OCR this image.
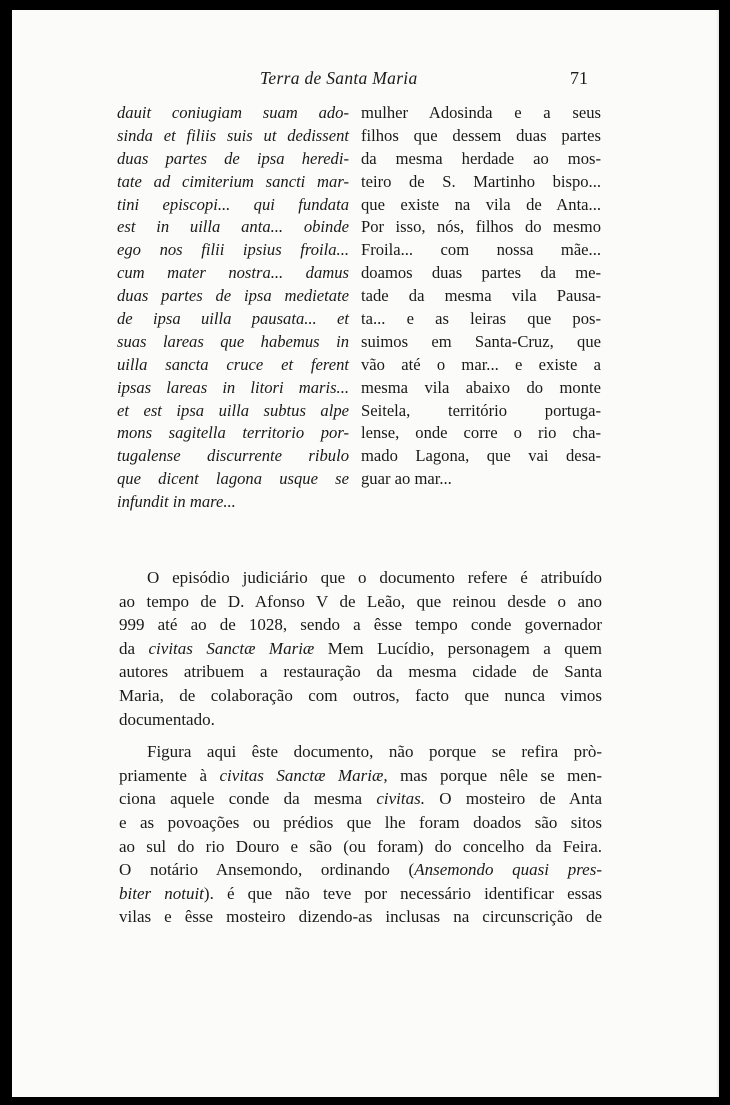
Terra de Santa Maria	71
dauit coniugiam suam ado-
sinda et filiis suis ut dedissent
duas partes de ipsa heredi-
tate ad cimiterium sancti mar-
tini episcopi... qui fundata
est in uilla anta... obinde
ego nos filii ipsius froila...
cum mater nostra... damus
duas partes de ipsa medietate
de ipsa uilla pausata... et
suas lareas que habemus in
uilla sancta cruce et ferent
ipsas lareas in litori maris...
et est ipsa uilla subtus alpe
mons sagitella territorio por-
tugalense discurrente ribulo
que dicent lagona usque se
infundit in mare...
mulher Adosinda e a seus
filhos que dessem duas partes
da mesma herdade ao mos-
teiro de S. Martinho bispo...
que existe na vila de Anta...
Por isso, nós, filhos do mesmo
Froila... com nossa mãe...
doamos duas partes da me-
tade da mesma vila Pausa-
ta... e as leiras que pos-
suimos em Santa-Cruz, que
vão até o mar... e existe a
mesma vila abaixo do monte
Seitela, território portuga-
lense, onde corre o rio cha-
mado Lagona, que vai desa-
guar ao mar...
O episódio judiciário que o documento refere é atribuído
ao tempo de D. Afonso V de Leão, que reinou desde o ano
999 até ao de 1028, sendo a êsse tempo conde governador
da civitas Sanctæ Mariæ Mem Lucídio, personagem a quem
autores atribuem a restauração da mesma cidade de Santa
Maria, de colaboração com outros, facto que nunca vimos
documentado.
Figura aqui êste documento, não porque se refira prò-
priamente à civitas Sanctæ Mariæ, mas porque nêle se men-
ciona aquele conde da mesma civitas. O mosteiro de Anta
e as povoações ou prédios que lhe foram doados são sitos
ao sul do rio Douro e são (ou foram) do concelho da Feira.
O notário Ansemondo, ordinando (Ansemondo quasi pres-
biter notuit). é que não teve por necessário identificar essas
vilas e êsse mosteiro dizendo-as inclusas na circunscrição de
